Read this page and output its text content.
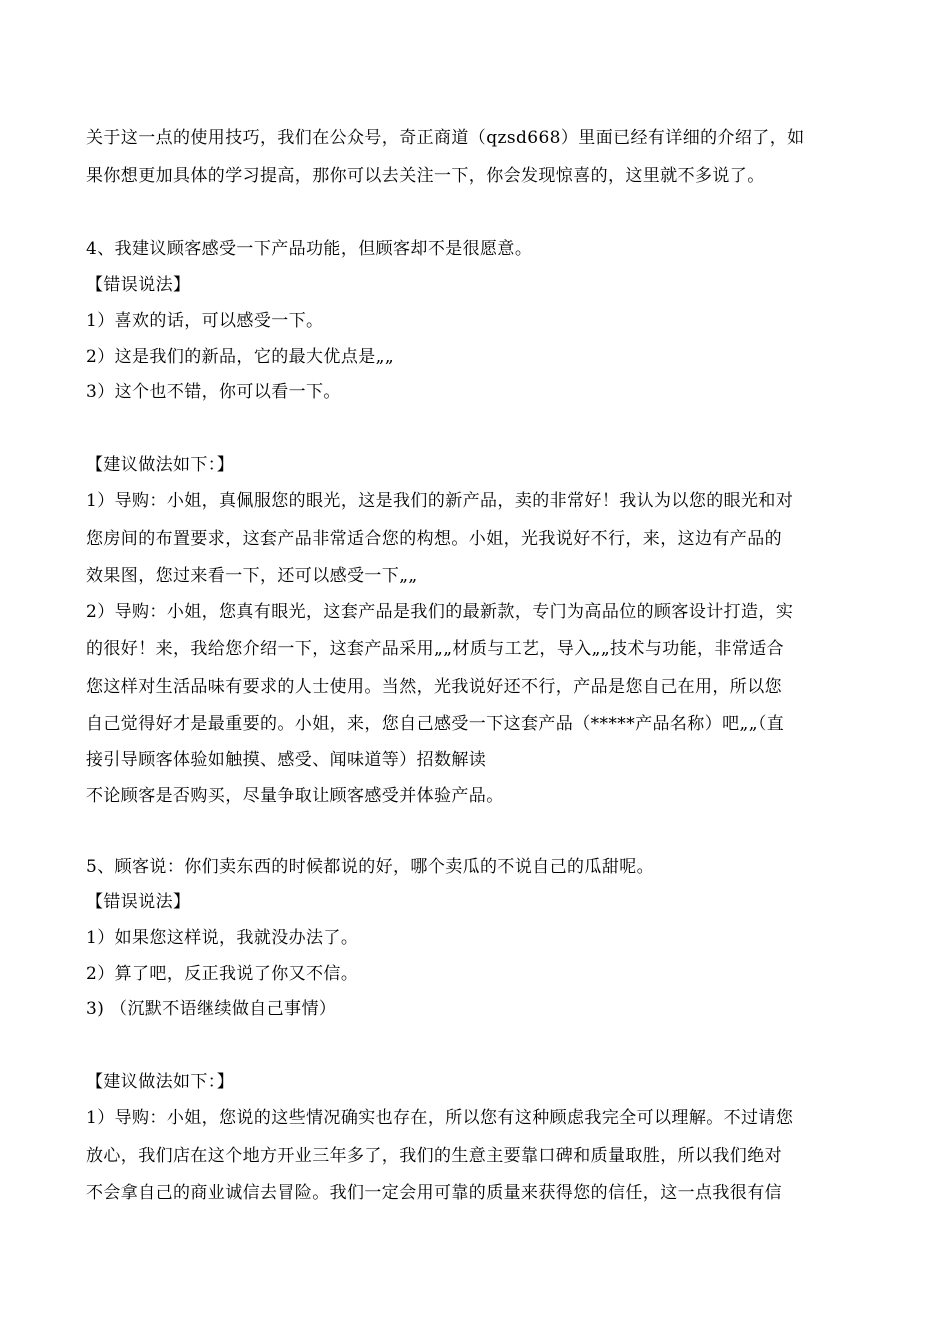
关于这一点的使用技巧，我们在公众号，奇正商道（qzsd668）里面已经有详细的介绍了，如
果你想更加具体的学习提高，那你可以去关注一下，你会发现惊喜的，这里就不多说了。
4、我建议顾客感受一下产品功能，但顾客却不是很愿意。
【错误说法】
1）喜欢的话，可以感受一下。
2）这是我们的新品，它的最大优点是„„
3）这个也不错，你可以看一下。
【建议做法如下：】
1）导购：小姐，真佩服您的眼光，这是我们的新产品，卖的非常好！我认为以您的眼光和对
您房间的布置要求，这套产品非常适合您的构想。小姐，光我说好不行，来，这边有产品的
效果图，您过来看一下，还可以感受一下„„
2）导购：小姐，您真有眼光，这套产品是我们的最新款，专门为高品位的顾客设计打造，实
的很好！来，我给您介绍一下，这套产品采用„„材质与工艺，导入„„技术与功能，非常适合
您这样对生活品味有要求的人士使用。当然，光我说好还不行，产品是您自己在用，所以您
自己觉得好才是最重要的。小姐，来，您自己感受一下这套产品（*****产品名称）吧„„（直
接引导顾客体验如触摸、感受、闻味道等）招数解读
不论顾客是否购买，尽量争取让顾客感受并体验产品。
5、顾客说：你们卖东西的时候都说的好，哪个卖瓜的不说自己的瓜甜呢。
【错误说法】
1）如果您这样说，我就没办法了。
2）算了吧，反正我说了你又不信。
3) （沉默不语继续做自己事情）
【建议做法如下：】
1）导购：小姐，您说的这些情况确实也存在，所以您有这种顾虑我完全可以理解。不过请您
放心，我们店在这个地方开业三年多了，我们的生意主要靠口碑和质量取胜，所以我们绝对
不会拿自己的商业诚信去冒险。我们一定会用可靠的质量来获得您的信任，这一点我很有信
